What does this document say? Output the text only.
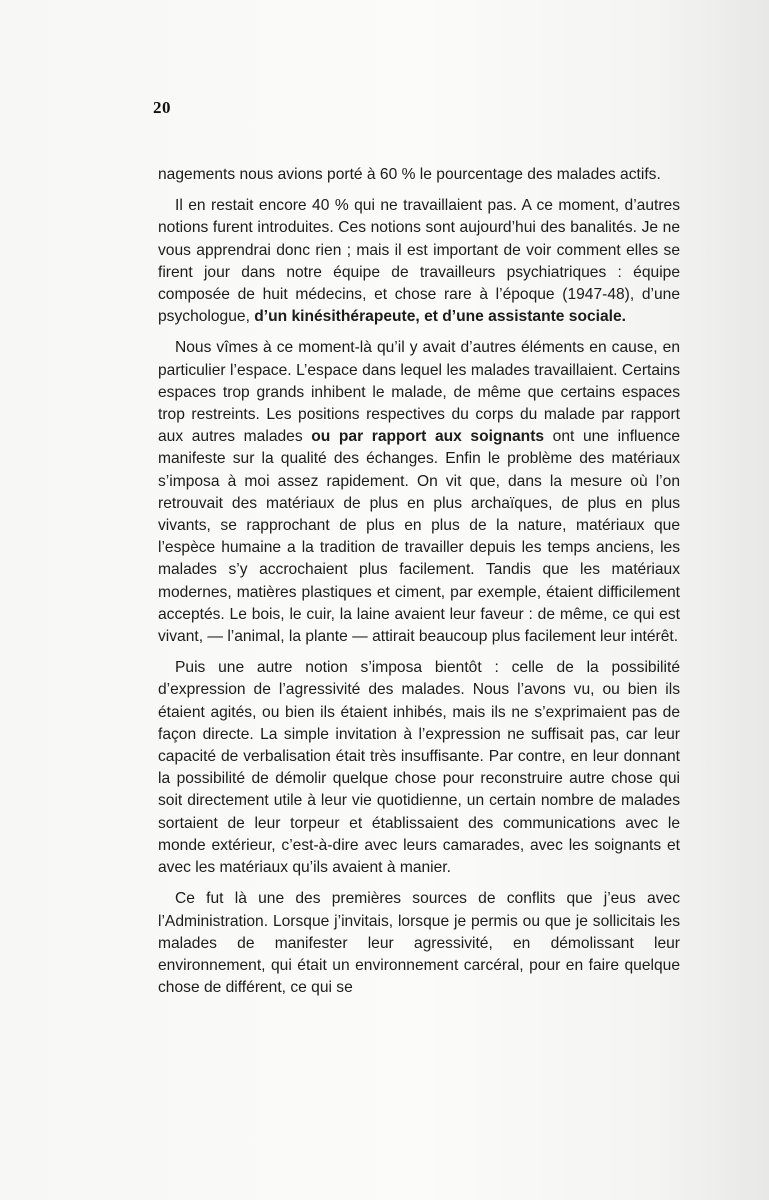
20

nagements nous avions porté à 60 % le pourcentage des malades actifs.

Il en restait encore 40 % qui ne travaillaient pas. A ce moment, d’autres notions furent introduites. Ces notions sont aujourd’hui des banalités. Je ne vous apprendrai donc rien ; mais il est important de voir comment elles se firent jour dans notre équipe de travailleurs psychiatriques : équipe composée de huit médecins, et chose rare à l’époque (1947-48), d’une psychologue, d’un kinésithérapeute, et d’une assistante sociale.

Nous vîmes à ce moment-là qu’il y avait d’autres éléments en cause, en particulier l’espace. L’espace dans lequel les malades travaillaient. Certains espaces trop grands inhibent le malade, de même que certains espaces trop restreints. Les positions respectives du corps du malade par rapport aux autres malades ou par rapport aux soignants ont une influence manifeste sur la qualité des échanges. Enfin le problème des matériaux s’imposa à moi assez rapidement. On vit que, dans la mesure où l’on retrouvait des matériaux de plus en plus archaïques, de plus en plus vivants, se rapprochant de plus en plus de la nature, matériaux que l’espèce humaine a la tradition de travailler depuis les temps anciens, les malades s’y accrochaient plus facilement. Tandis que les matériaux modernes, matières plastiques et ciment, par exemple, étaient difficilement acceptés. Le bois, le cuir, la laine avaient leur faveur : de même, ce qui est vivant, — l’animal, la plante — attirait beaucoup plus facilement leur intérêt.

Puis une autre notion s’imposa bientôt : celle de la possibilité d’expression de l’agressivité des malades. Nous l’avons vu, ou bien ils étaient agités, ou bien ils étaient inhibés, mais ils ne s’exprimaient pas de façon directe. La simple invitation à l’expression ne suffisait pas, car leur capacité de verbalisation était très insuffisante. Par contre, en leur donnant la possibilité de démolir quelque chose pour reconstruire autre chose qui soit directement utile à leur vie quotidienne, un certain nombre de malades sortaient de leur torpeur et établissaient des communications avec le monde extérieur, c’est-à-dire avec leurs camarades, avec les soignants et avec les matériaux qu’ils avaient à manier.

Ce fut là une des premières sources de conflits que j’eus avec l’Administration. Lorsque j’invitais, lorsque je permis ou que je sollicitais les malades de manifester leur agressivité, en démolissant leur environnement, qui était un environnement carcéral, pour en faire quelque chose de différent, ce qui se
